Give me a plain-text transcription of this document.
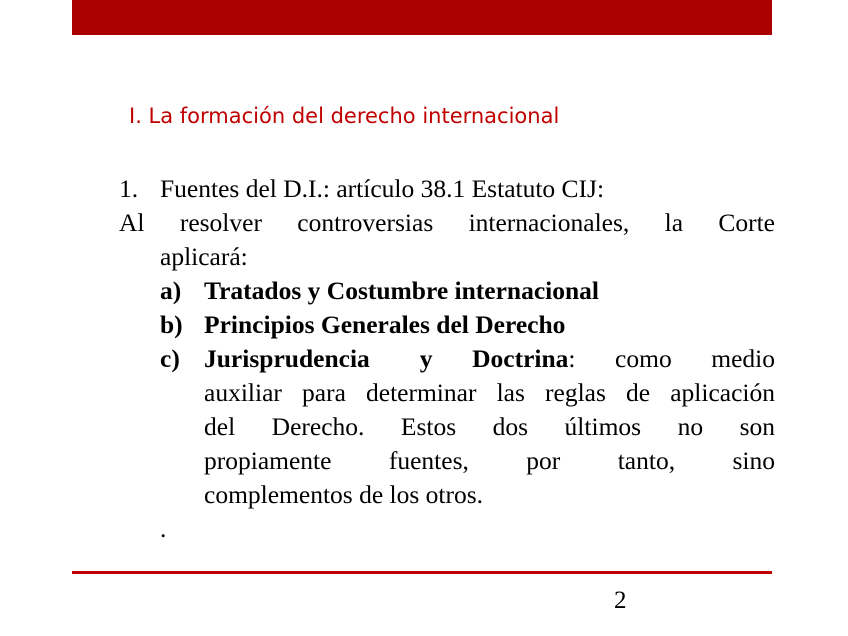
I. La formación del derecho internacional
1. Fuentes del D.I.: artículo 38.1 Estatuto CIJ:
Al resolver controversias internacionales, la Corte
aplicará:
a) Tratados y Costumbre internacional
b) Principios Generales del Derecho
c) Jurisprudencia y Doctrina: como medio
auxiliar para determinar las reglas de aplicación
del Derecho. Estos dos últimos no son
propiamente fuentes, por tanto, sino
complementos de los otros.
.
2
